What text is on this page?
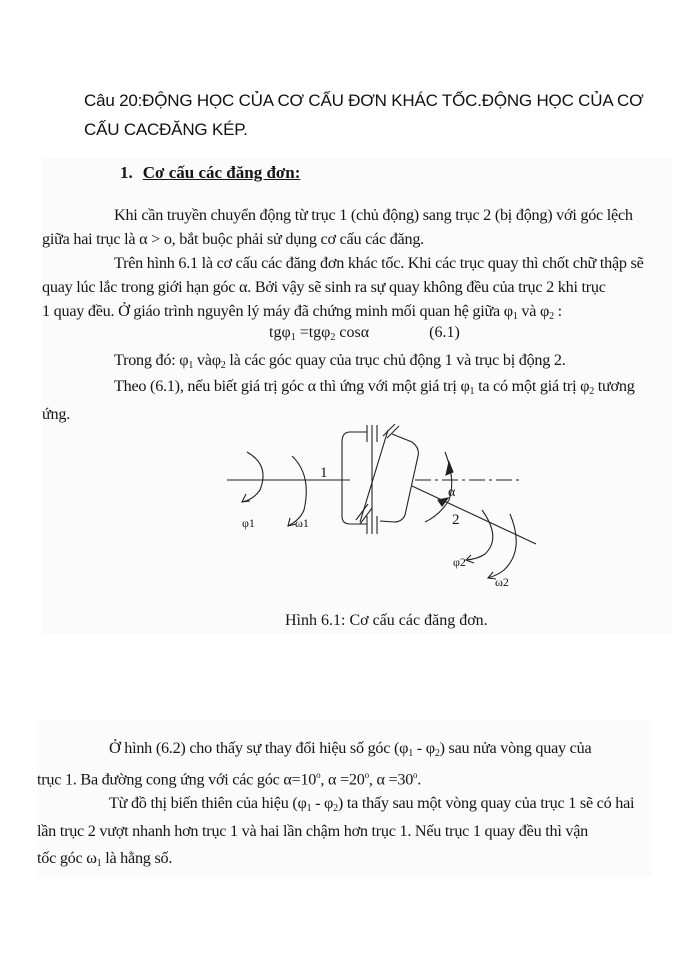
Câu 20:ĐỘNG HỌC CỦA CƠ CẤU ĐƠN KHÁC TỐC.ĐỘNG HỌC CỦA CƠ
CẤU CACĐĂNG KÉP.
1. Cơ cấu các đăng đơn:
Khi cần truyền chuyển động từ trục 1 (chủ động) sang trục 2 (bị động) với góc lệch
giữa hai trục là α > o, bắt buộc phải sử dụng cơ cấu các đăng.
Trên hình 6.1 là cơ cấu các đăng đơn khác tốc. Khi các trục quay thì chốt chữ thập sẽ
quay lúc lắc trong giới hạn góc α. Bởi vậy sẽ sinh ra sự quay không đều của trục 2 khi trục
1 quay đều. Ở giáo trình nguyên lý máy đã chứng minh mối quan hệ giữa $\varphi_1$ và $\varphi_2$ :
tgφ$_1$ =tgφ$_2$ cosα	(6.1)
Trong đó: $\varphi_1$ vàφ$_2$ là các góc quay của trục chủ động 1 và trục bị động 2.
Theo (6.1), nếu biết giá trị góc α thì ứng với một giá trị $\varphi_1$ ta có một giá trị $\varphi_2$ tương
ứng.
1
2
α
φ1	ω1
φ2
ω2
Hình 6.1: Cơ cấu các đăng đơn.
Ở hình (6.2) cho thấy sự thay đổi hiệu số góc $(\varphi_1 - \varphi_2)$ sau nửa vòng quay của
trục 1. Ba đường cong ứng với các góc $\alpha=10^o$, $\alpha =20^o$, $\alpha =30^o$.
Từ đồ thị biến thiên của hiệu $(\varphi_1 - \varphi_2)$ ta thấy sau một vòng quay của trục 1 sẽ có hai
lần trục 2 vượt nhanh hơn trục 1 và hai lần chậm hơn trục 1. Nếu trục 1 quay đều thì vận
tốc góc $\omega_1$ là hằng số.
